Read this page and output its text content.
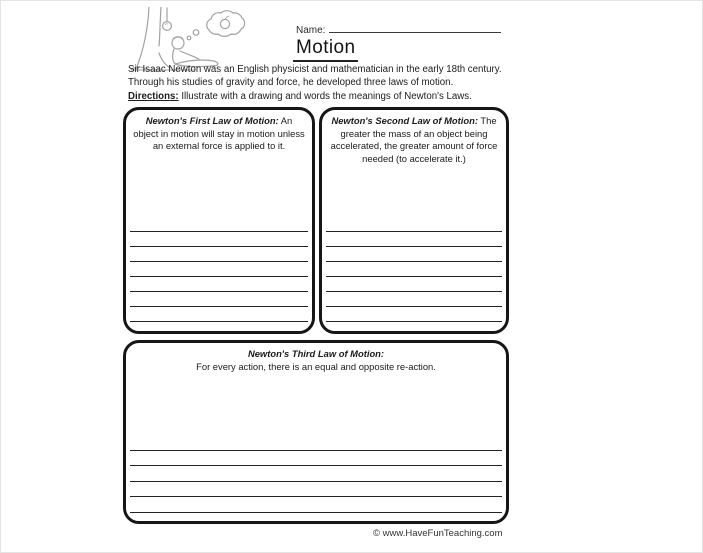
Name:
Motion
Sir Isaac Newton was an English physicist and mathematician in the early 18th century.
Through his studies of gravity and force, he developed three laws of motion.
Directions: Illustrate with a drawing and words the meanings of Newton's Laws.
Newton's First Law of Motion: An object in motion will stay in motion unless an external force is applied to it.
Newton's Second Law of Motion: The greater the mass of an object being accelerated, the greater amount of force needed (to accelerate it.)
Newton's Third Law of Motion:
For every action, there is an equal and opposite re-action.
© www.HaveFunTeaching.com
